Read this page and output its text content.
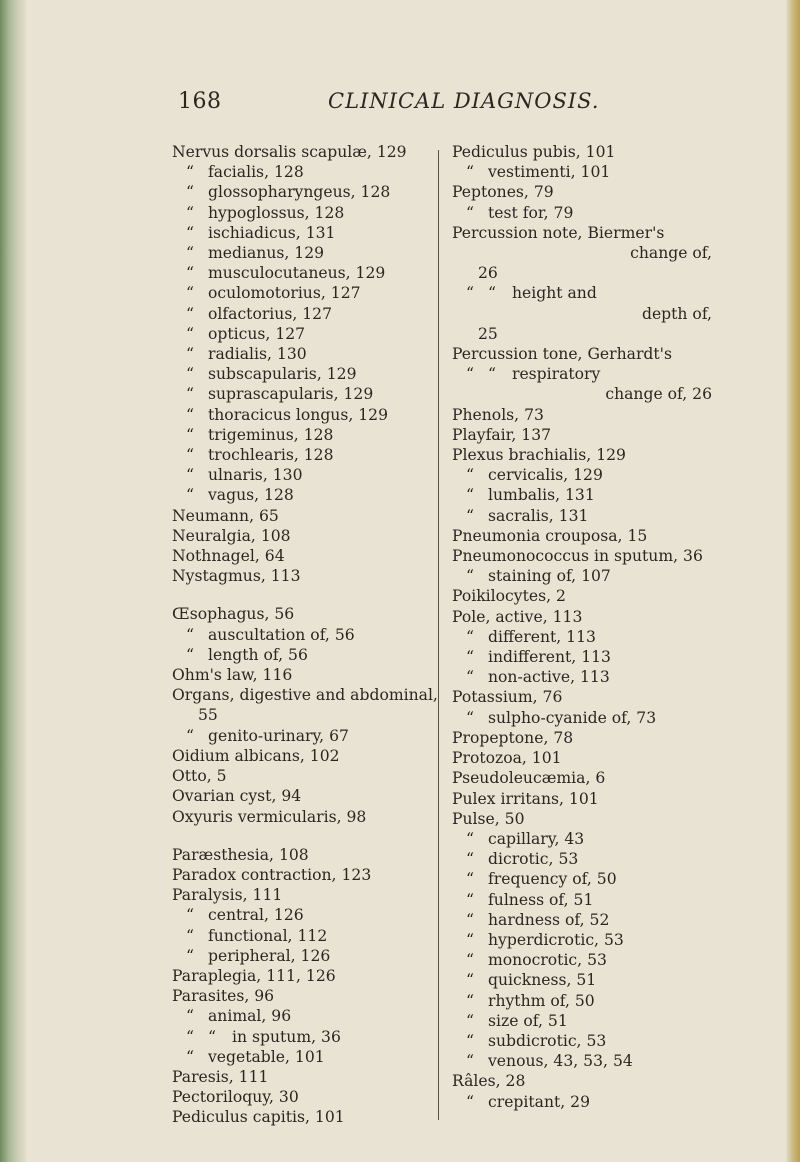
168	CLINICAL DIAGNOSIS.
Nervus dorsalis scapulæ, 129
“ facialis, 128
“ glossopharyngeus, 128
“ hypoglossus, 128
“ ischiadicus, 131
“ medianus, 129
“ musculocutaneus, 129
“ oculomotorius, 127
“ olfactorius, 127
“ opticus, 127
“ radialis, 130
“ subscapularis, 129
“ suprascapularis, 129
“ thoracicus longus, 129
“ trigeminus, 128
“ trochlearis, 128
“ ulnaris, 130
“ vagus, 128
Neumann, 65
Neuralgia, 108
Nothnagel, 64
Nystagmus, 113
Œsophagus, 56
“ auscultation of, 56
“ length of, 56
Ohm's law, 116
Organs, digestive and abdominal,
55
“ genito-urinary, 67
Oidium albicans, 102
Otto, 5
Ovarian cyst, 94
Oxyuris vermicularis, 98
Paræsthesia, 108
Paradox contraction, 123
Paralysis, 111
“ central, 126
“ functional, 112
“ peripheral, 126
Paraplegia, 111, 126
Parasites, 96
“ animal, 96
“ “ in sputum, 36
“ vegetable, 101
Paresis, 111
Pectoriloquy, 30
Pediculus capitis, 101
Pediculus pubis, 101
“ vestimenti, 101
Peptones, 79
“ test for, 79
Percussion note, Biermer's
change of,
26
“ “ height and
depth of,
25
Percussion tone, Gerhardt's
“ “ respiratory
change of, 26
Phenols, 73
Playfair, 137
Plexus brachialis, 129
“ cervicalis, 129
“ lumbalis, 131
“ sacralis, 131
Pneumonia crouposa, 15
Pneumonococcus in sputum, 36
“ staining of, 107
Poikilocytes, 2
Pole, active, 113
“ different, 113
“ indifferent, 113
“ non-active, 113
Potassium, 76
“ sulpho-cyanide of, 73
Propeptone, 78
Protozoa, 101
Pseudoleucæmia, 6
Pulex irritans, 101
Pulse, 50
“ capillary, 43
“ dicrotic, 53
“ frequency of, 50
“ fulness of, 51
“ hardness of, 52
“ hyperdicrotic, 53
“ monocrotic, 53
“ quickness, 51
“ rhythm of, 50
“ size of, 51
“ subdicrotic, 53
“ venous, 43, 53, 54
Râles, 28
“ crepitant, 29
